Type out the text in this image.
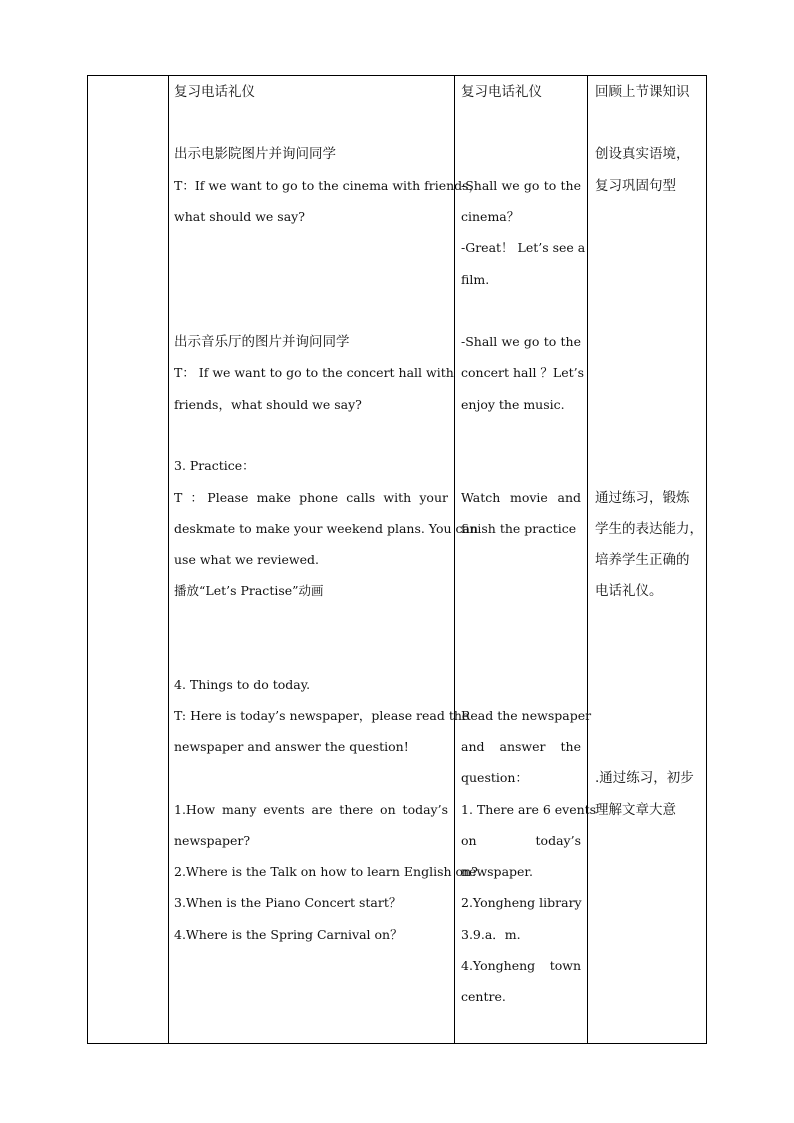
复习电话礼仪
出示电影院图片并询问同学
T：If we want to go to the cinema with friends，
what should we say?
出示音乐厅的图片并询问同学
T： If we want to go to the concert hall with
friends，what should we say?
3. Practice：
T ：Please make phone calls with your
deskmate to make your weekend plans. You can
use what we reviewed.
播放“Let’s Practise”动画
4. Things to do today.
T: Here is today’s newspaper，please read the
newspaper and answer the question!
1.How many events are there on today’s
newspaper?
2.Where is the Talk on how to learn English on?
3.When is the Piano Concert start？
4.Where is the Spring Carnival on？
复习电话礼仪
-Shall we go to the
cinema？
-Great！ Let’s see a
film.
-Shall we go to the
concert hall ？Let’s
enjoy the music.
Watch movie and
finish the practice
Read the newspaper
and answer the
question：
1. There are 6 events
on today’s
newspaper.
2.Yongheng library
3.9.a．m.
4.Yongheng town
centre.
回顾上节课知识
创设真实语境，
复习巩固句型
通过练习，锻炼
学生的表达能力，
培养学生正确的
电话礼仪。
.通过练习，初步
理解文章大意
